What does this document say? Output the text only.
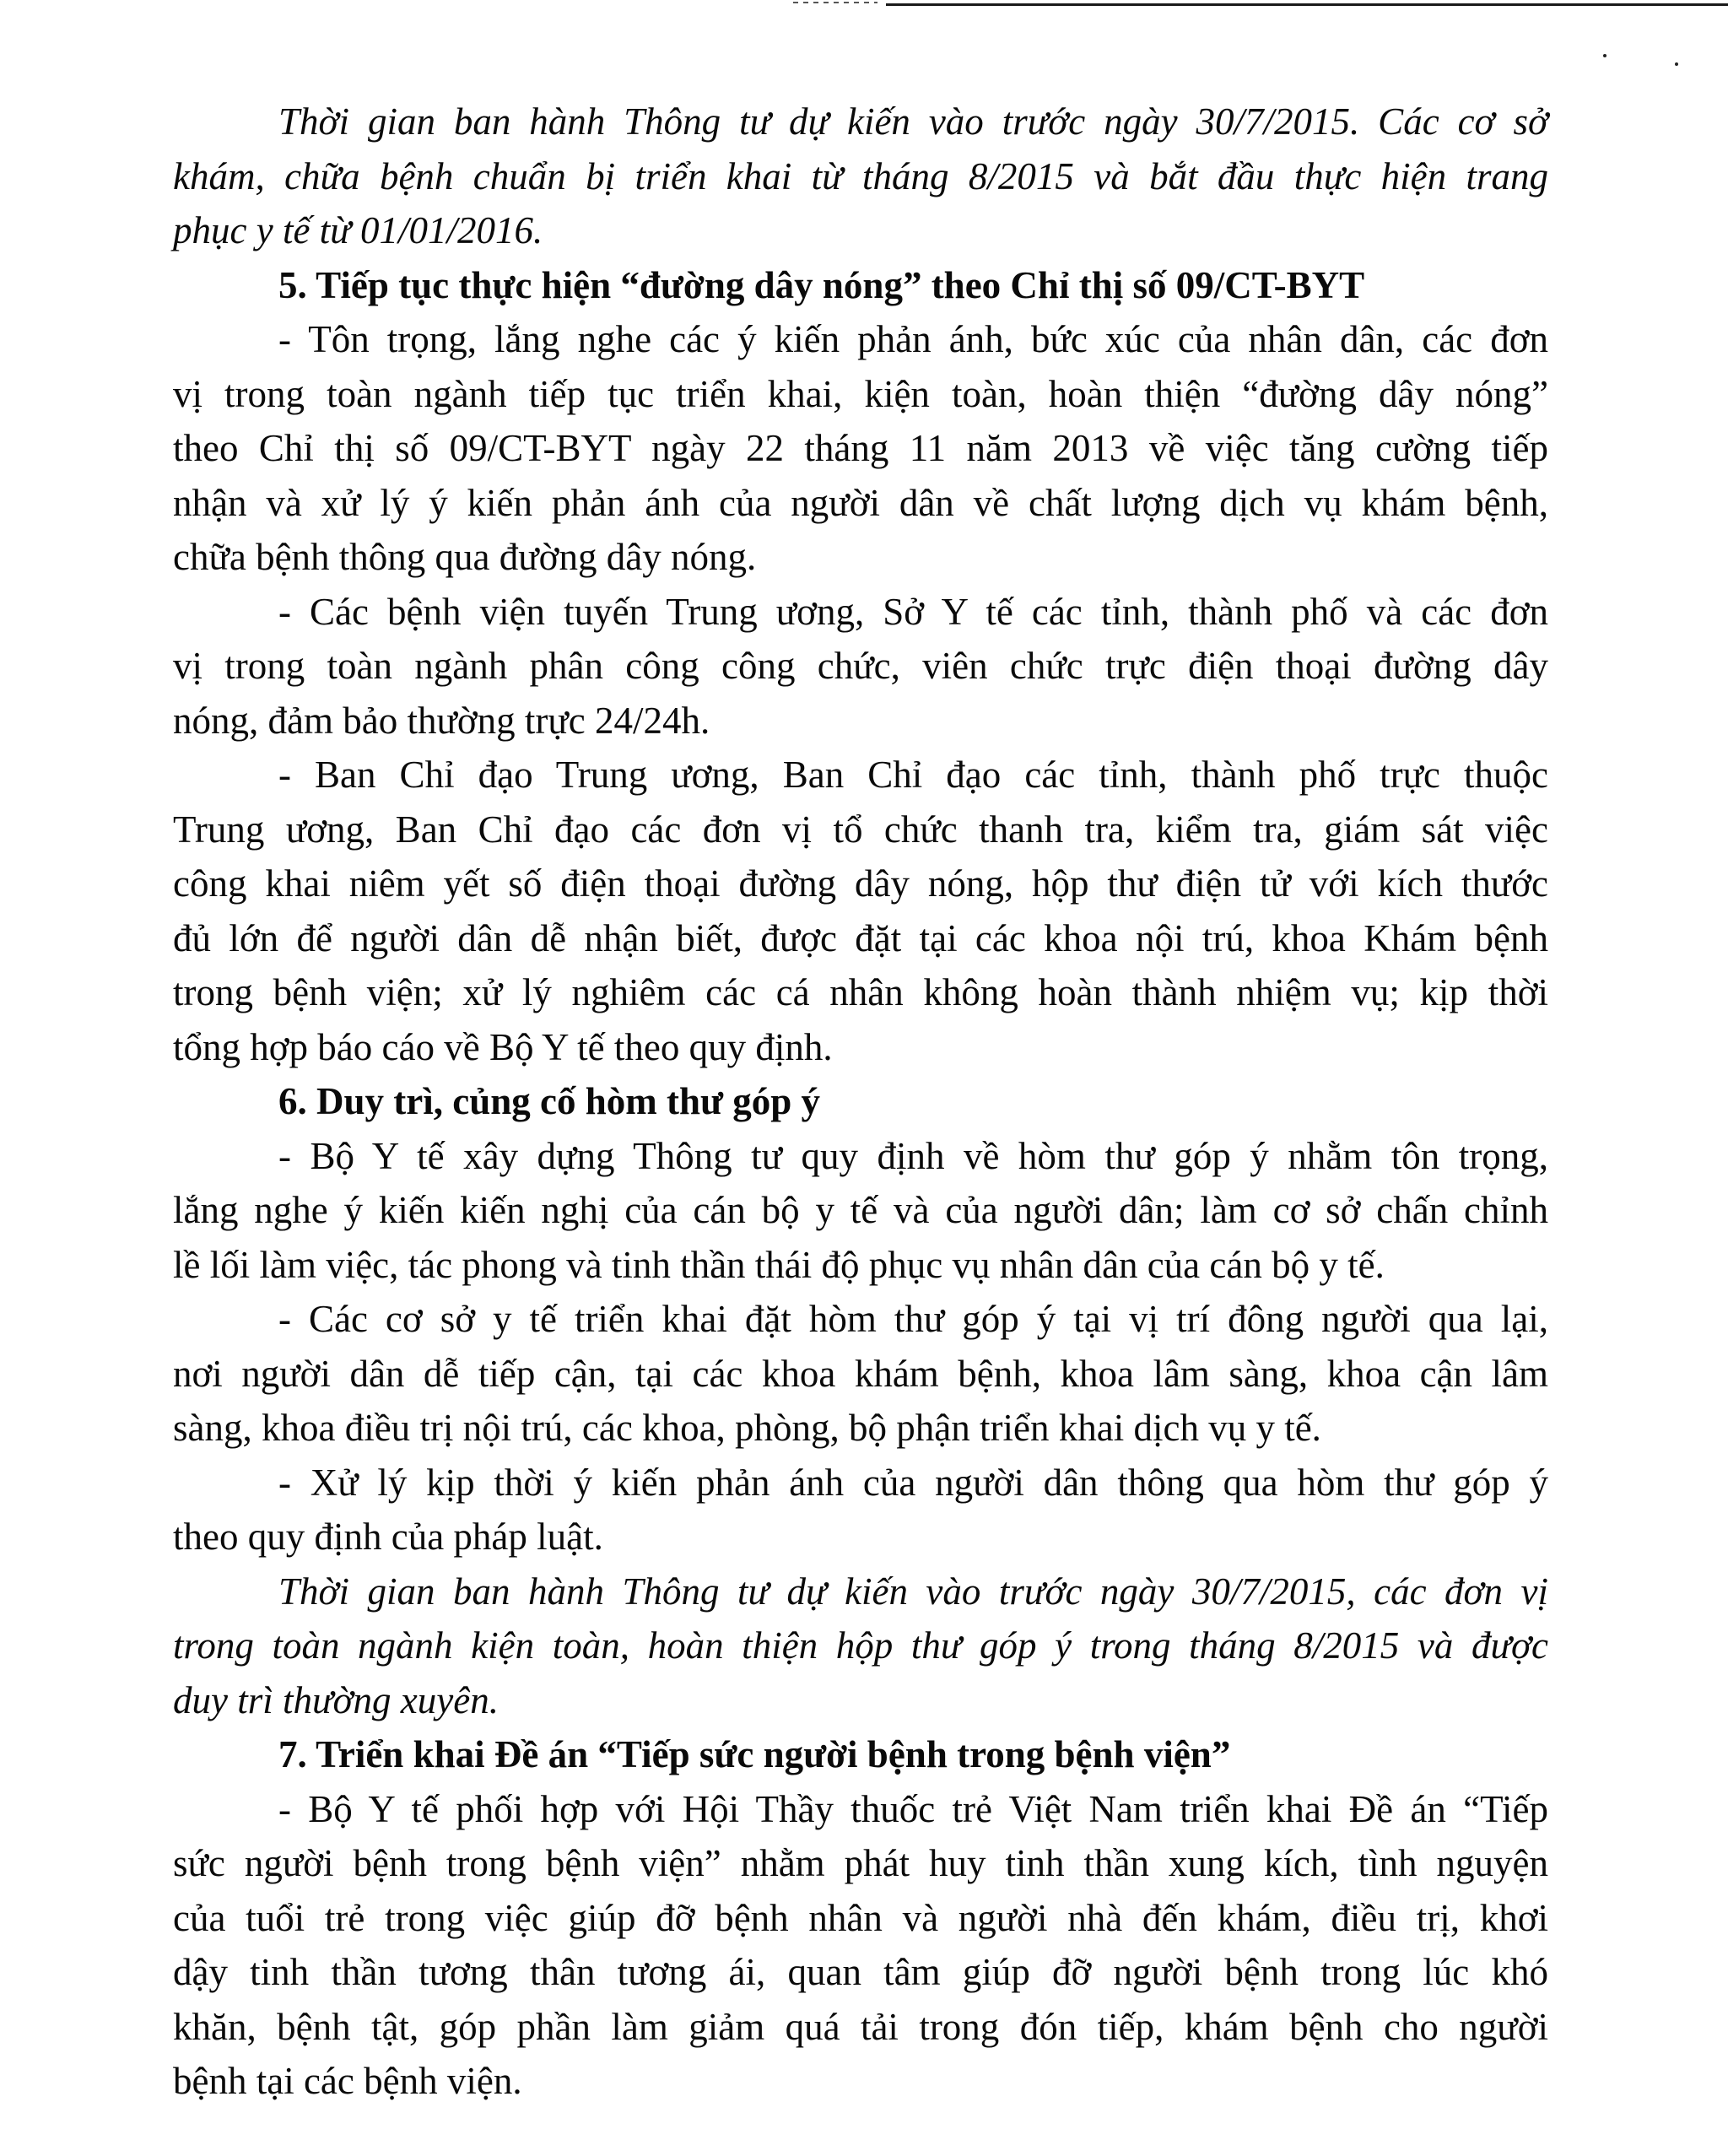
Thời gian ban hành Thông tư dự kiến vào trước ngày 30/7/2015. Các cơ sở
khám, chữa bệnh chuẩn bị triển khai từ tháng 8/2015 và bắt đầu thực hiện trang
phục y tế từ 01/01/2016.
5. Tiếp tục thực hiện “đường dây nóng” theo Chỉ thị số 09/CT-BYT
- Tôn trọng, lắng nghe các ý kiến phản ánh, bức xúc của nhân dân, các đơn
vị trong toàn ngành tiếp tục triển khai, kiện toàn, hoàn thiện “đường dây nóng”
theo Chỉ thị số 09/CT-BYT ngày 22 tháng 11 năm 2013 về việc tăng cường tiếp
nhận và xử lý ý kiến phản ánh của người dân về chất lượng dịch vụ khám bệnh,
chữa bệnh thông qua đường dây nóng.
- Các bệnh viện tuyến Trung ương, Sở Y tế các tỉnh, thành phố và các đơn
vị trong toàn ngành phân công công chức, viên chức trực điện thoại đường dây
nóng, đảm bảo thường trực 24/24h.
- Ban Chỉ đạo Trung ương, Ban Chỉ đạo các tỉnh, thành phố trực thuộc
Trung ương, Ban Chỉ đạo các đơn vị tổ chức thanh tra, kiểm tra, giám sát việc
công khai niêm yết số điện thoại đường dây nóng, hộp thư điện tử với kích thước
đủ lớn để người dân dễ nhận biết, được đặt tại các khoa nội trú, khoa Khám bệnh
trong bệnh viện; xử lý nghiêm các cá nhân không hoàn thành nhiệm vụ; kịp thời
tổng hợp báo cáo về Bộ Y tế theo quy định.
6. Duy trì, củng cố hòm thư góp ý
- Bộ Y tế xây dựng Thông tư quy định về hòm thư góp ý nhằm tôn trọng,
lắng nghe ý kiến kiến nghị của cán bộ y tế và của người dân; làm cơ sở chấn chỉnh
lề lối làm việc, tác phong và tinh thần thái độ phục vụ nhân dân của cán bộ y tế.
- Các cơ sở y tế triển khai đặt hòm thư góp ý tại vị trí đông người qua lại,
nơi người dân dễ tiếp cận, tại các khoa khám bệnh, khoa lâm sàng, khoa cận lâm
sàng, khoa điều trị nội trú, các khoa, phòng, bộ phận triển khai dịch vụ y tế.
- Xử lý kịp thời ý kiến phản ánh của người dân thông qua hòm thư góp ý
theo quy định của pháp luật.
Thời gian ban hành Thông tư dự kiến vào trước ngày 30/7/2015, các đơn vị
trong toàn ngành kiện toàn, hoàn thiện hộp thư góp ý trong tháng 8/2015 và được
duy trì thường xuyên.
7. Triển khai Đề án “Tiếp sức người bệnh trong bệnh viện”
- Bộ Y tế phối hợp với Hội Thầy thuốc trẻ Việt Nam triển khai Đề án “Tiếp
sức người bệnh trong bệnh viện” nhằm phát huy tinh thần xung kích, tình nguyện
của tuổi trẻ trong việc giúp đỡ bệnh nhân và người nhà đến khám, điều trị, khơi
dậy tinh thần tương thân tương ái, quan tâm giúp đỡ người bệnh trong lúc khó
khăn, bệnh tật, góp phần làm giảm quá tải trong đón tiếp, khám bệnh cho người
bệnh tại các bệnh viện.
